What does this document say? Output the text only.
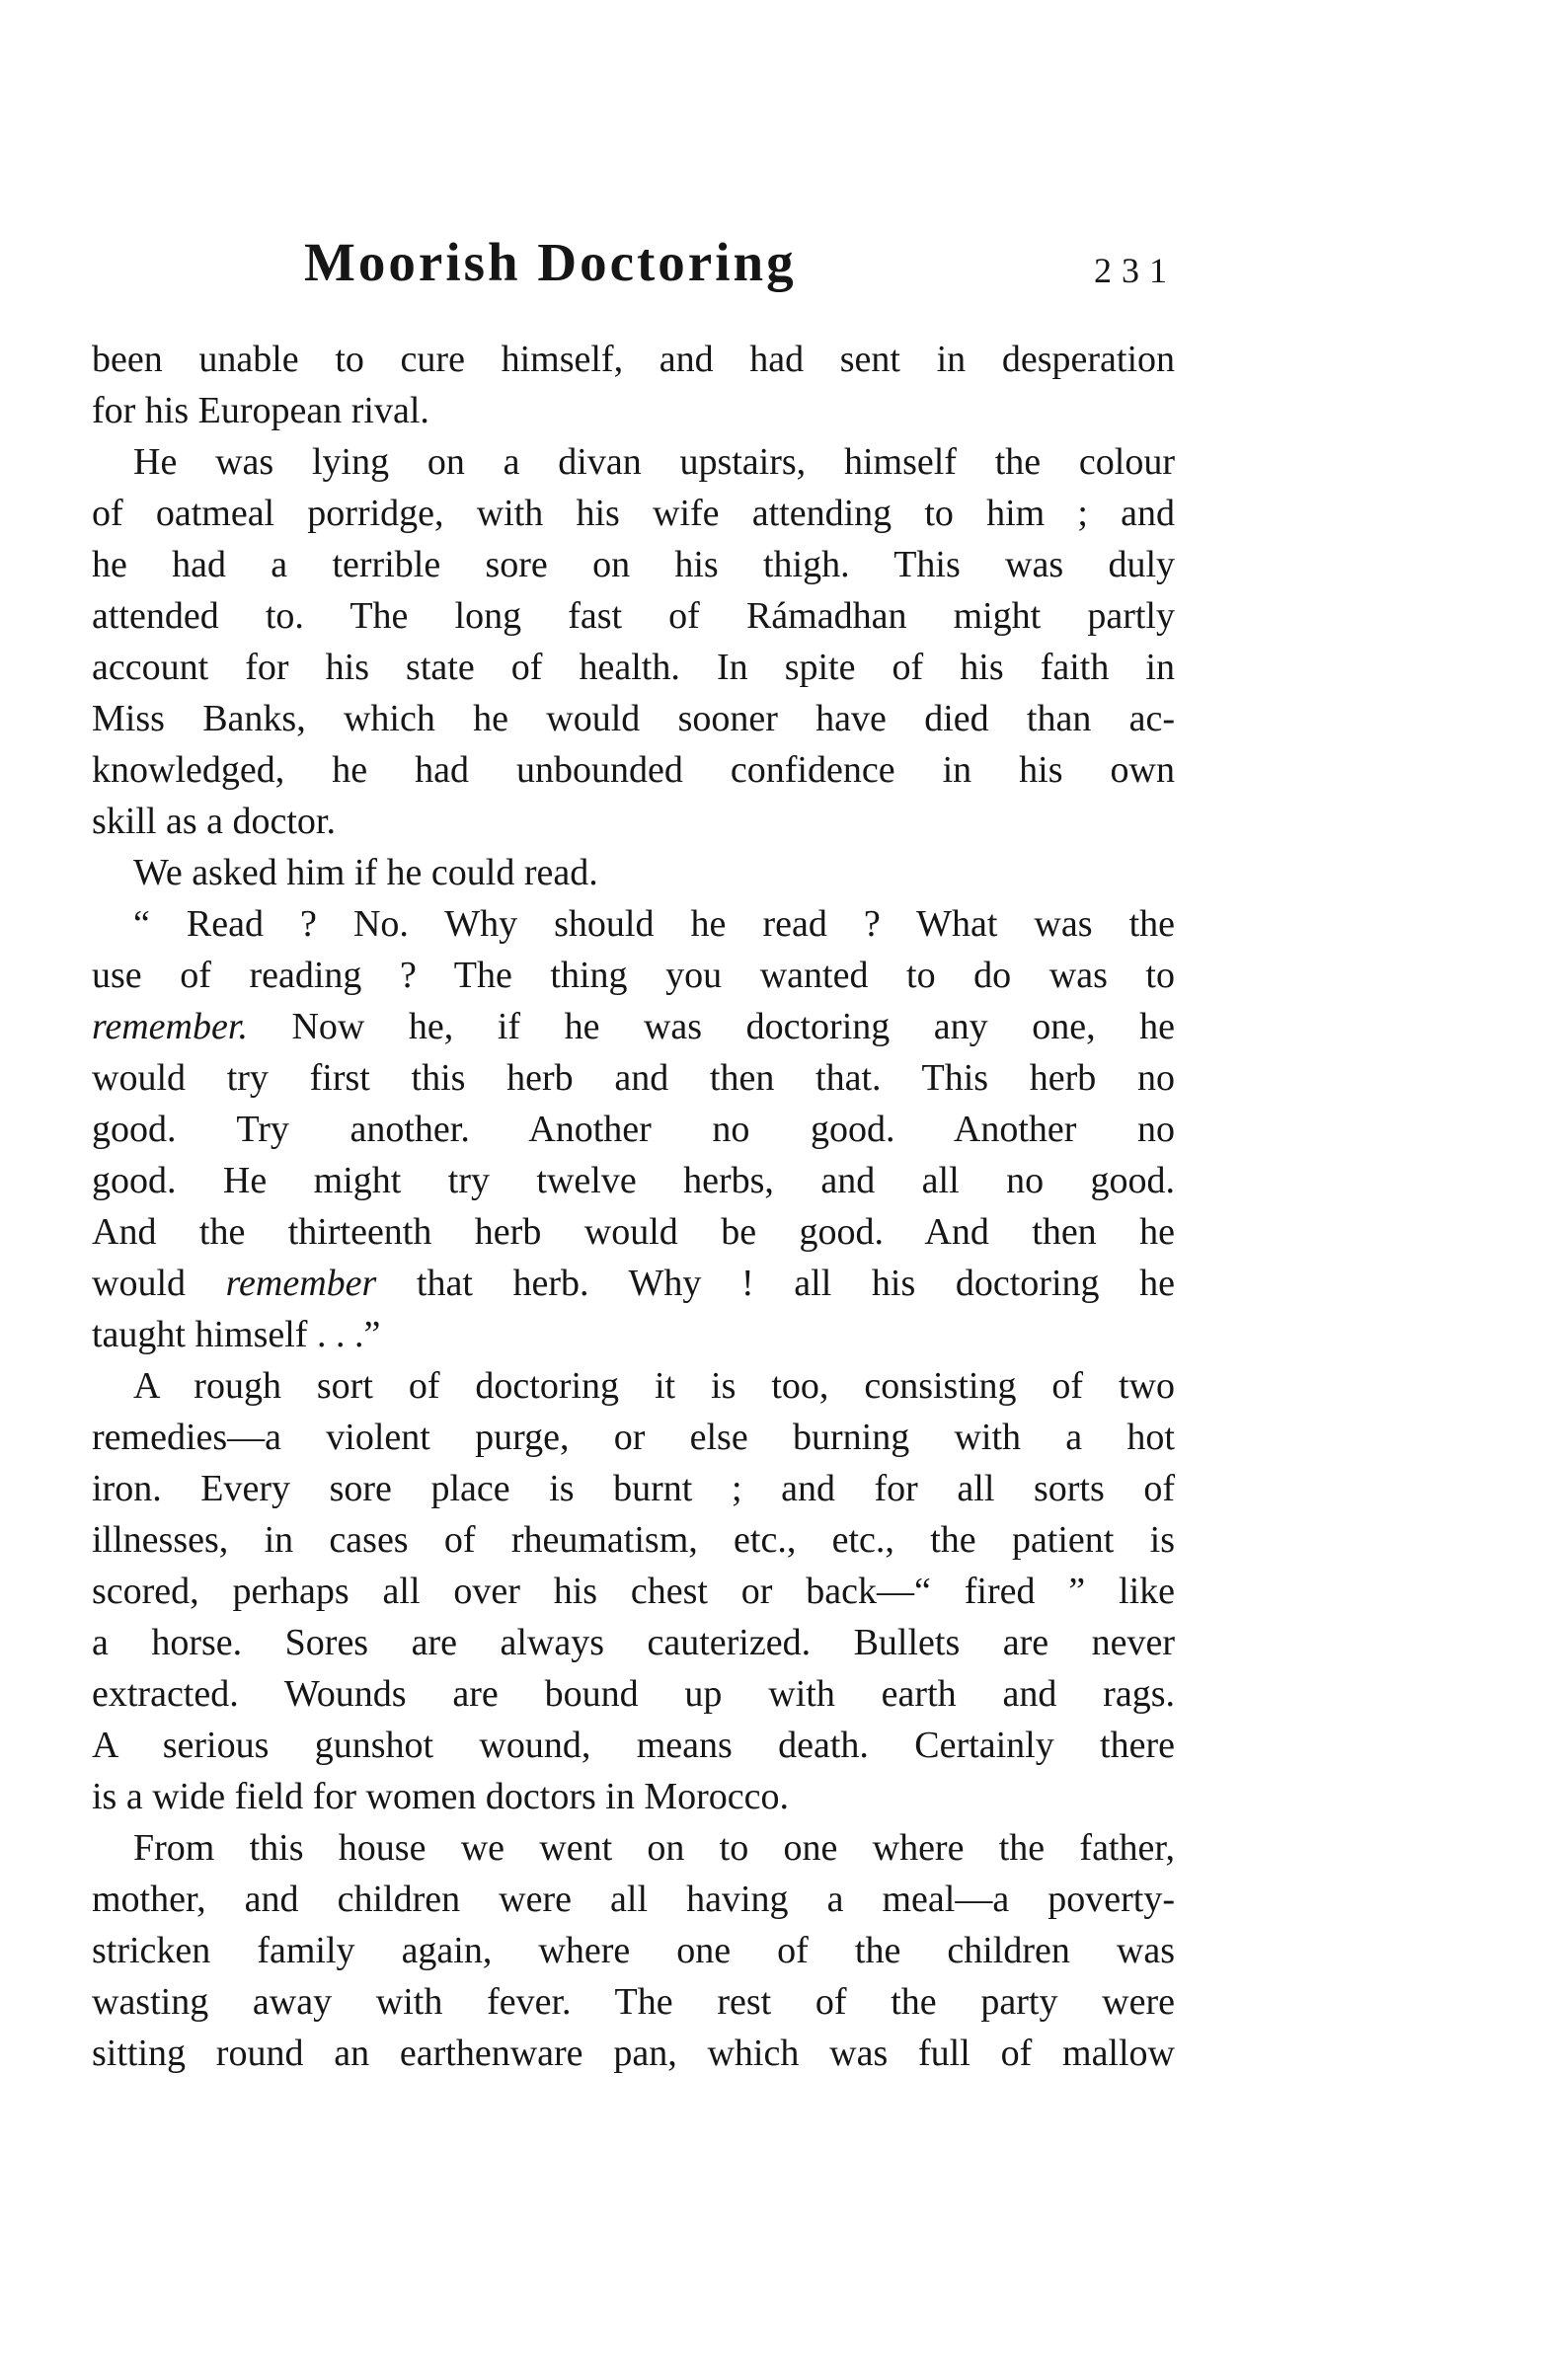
Moorish Doctoring	231
been unable to cure himself, and had sent in desperation
for his European rival.
He was lying on a divan upstairs, himself the colour
of oatmeal porridge, with his wife attending to him ; and
he had a terrible sore on his thigh. This was duly
attended to. The long fast of Rámadhan might partly
account for his state of health. In spite of his faith in
Miss Banks, which he would sooner have died than ac-
knowledged, he had unbounded confidence in his own
skill as a doctor.
We asked him if he could read.
“ Read ? No. Why should he read ? What was the
use of reading ? The thing you wanted to do was to
remember. Now he, if he was doctoring any one, he
would try first this herb and then that. This herb no
good. Try another. Another no good. Another no
good. He might try twelve herbs, and all no good.
And the thirteenth herb would be good. And then he
would remember that herb. Why ! all his doctoring he
taught himself . . .”
A rough sort of doctoring it is too, consisting of two
remedies—a violent purge, or else burning with a hot
iron. Every sore place is burnt ; and for all sorts of
illnesses, in cases of rheumatism, etc., etc., the patient is
scored, perhaps all over his chest or back—“ fired ” like
a horse. Sores are always cauterized. Bullets are never
extracted. Wounds are bound up with earth and rags.
A serious gunshot wound, means death. Certainly there
is a wide field for women doctors in Morocco.
From this house we went on to one where the father,
mother, and children were all having a meal—a poverty-
stricken family again, where one of the children was
wasting away with fever. The rest of the party were
sitting round an earthenware pan, which was full of mallow
